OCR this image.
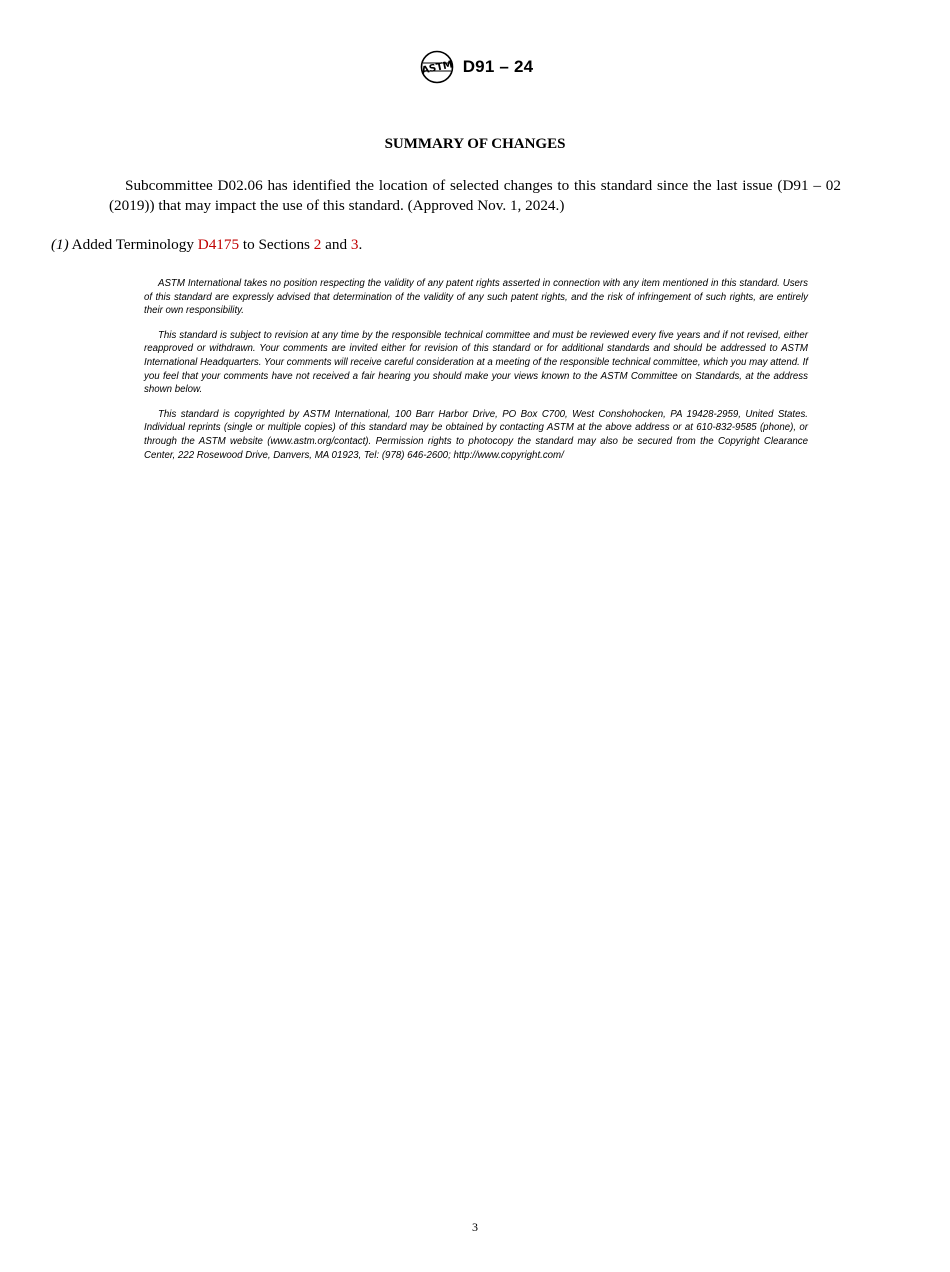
ASTM D91 – 24
SUMMARY OF CHANGES

Subcommittee D02.06 has identified the location of selected changes to this standard since the last issue (D91 – 02 (2019)) that may impact the use of this standard. (Approved Nov. 1, 2024.)

(1) Added Terminology D4175 to Sections 2 and 3.

ASTM International takes no position respecting the validity of any patent rights asserted in connection with any item mentioned in this standard. Users of this standard are expressly advised that determination of the validity of any such patent rights, and the risk of infringement of such rights, are entirely their own responsibility.

This standard is subject to revision at any time by the responsible technical committee and must be reviewed every five years and if not revised, either reapproved or withdrawn. Your comments are invited either for revision of this standard or for additional standards and should be addressed to ASTM International Headquarters. Your comments will receive careful consideration at a meeting of the responsible technical committee, which you may attend. If you feel that your comments have not received a fair hearing you should make your views known to the ASTM Committee on Standards, at the address shown below.

This standard is copyrighted by ASTM International, 100 Barr Harbor Drive, PO Box C700, West Conshohocken, PA 19428-2959, United States. Individual reprints (single or multiple copies) of this standard may be obtained by contacting ASTM at the above address or at 610-832-9585 (phone), or through the ASTM website (www.astm.org/contact). Permission rights to photocopy the standard may also be secured from the Copyright Clearance Center, 222 Rosewood Drive, Danvers, MA 01923, Tel: (978) 646-2600; http://www.copyright.com/

3
